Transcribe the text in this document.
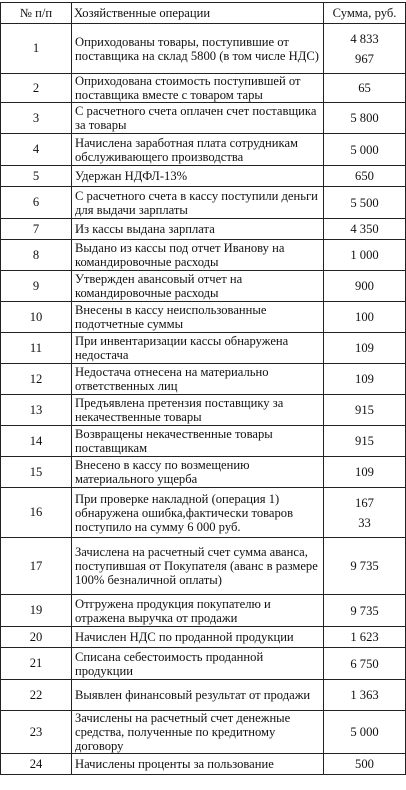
№ п/п	Хозяйственные операции	Сумма, руб.
1	Оприходованы товары, поступившие от поставщика на склад 5800 (в том числе НДС)	4 833
967

2	Оприходована стоимость поступившей от поставщика вместе с товаром тары	65

3	С расчетного счета оплачен счет поставщика за товары	5 800

4	Начислена заработная плата сотрудникам обслуживающего производства	5 000

5	Удержан НДФЛ-13%	650

6	С расчетного счета в кассу поступили деньги для выдачи зарплаты	5 500

7	Из кассы выдана зарплата	4 350

8	Выдано из кассы под отчет Иванову на командировочные расходы	1 000

9	Утвержден авансовый отчет на командировочные расходы	900

10	Внесены в кассу неиспользованные подотчетные суммы	100

11	При инвентаризации кассы обнаружена недостача	109

12	Недостача отнесена на материально ответственных лиц	109

13	Предъявлена претензия поставщику за некачественные товары	915

14	Возвращены некачественные товары поставщикам	915

15	Внесено в кассу по возмещению материального ущерба	109

16	При проверке накладной (операция 1) обнаружена ошибка,фактически товаров поступило на сумму 6 000 руб.	167
33

17	Зачислена на расчетный счет сумма аванса, поступившая от Покупателя (аванс в размере 100% безналичной оплаты)	9 735

19	Отгружена продукция покупателю и отражена выручка от продажи	9 735

20	Начислен НДС по проданной продукции	1 623

21	Списана себестоимость проданной продукции	6 750

22	Выявлен финансовый результат от продажи	1 363

23	Зачислены на расчетный счет денежные средства, полученные по кредитному договору	5 000

24	Начислены проценты за пользование	500
